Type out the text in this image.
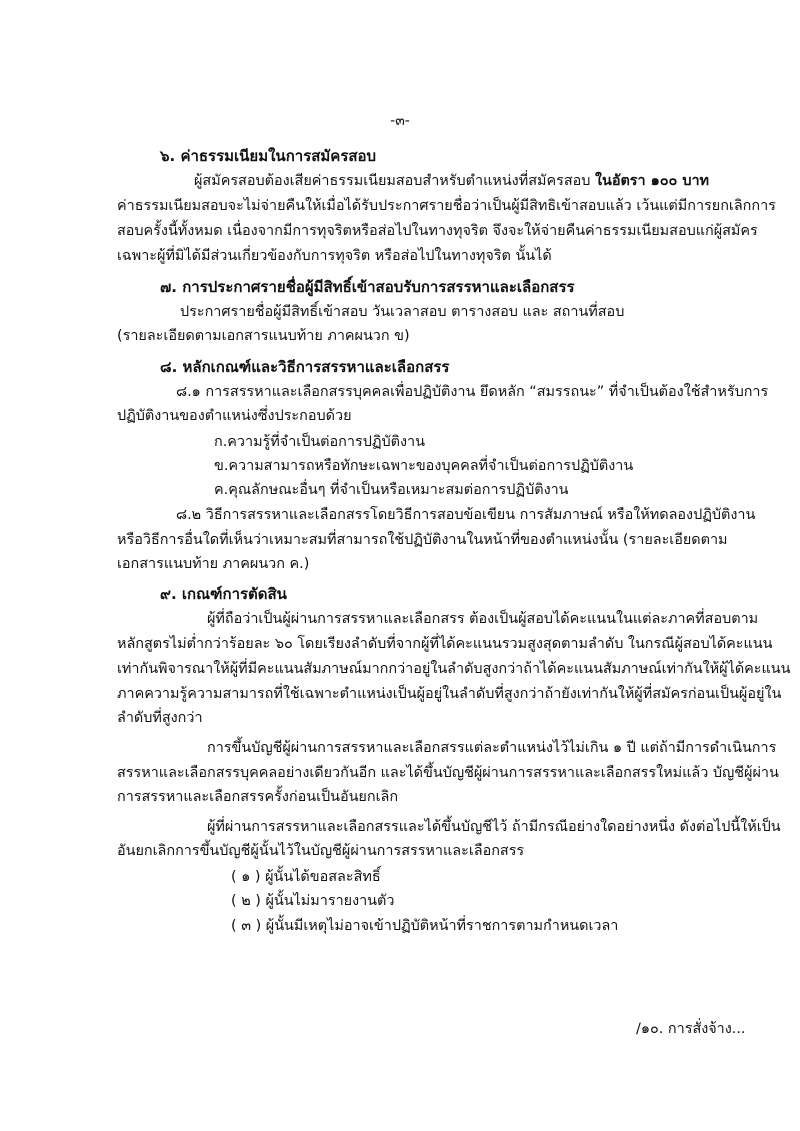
-๓-
๖. ค่าธรรมเนียมในการสมัครสอบ
ผู้สมัครสอบต้องเสียค่าธรรมเนียมสอบสำหรับตำแหน่งที่สมัครสอบ ในอัตรา ๑๐๐ บาท
ค่าธรรมเนียมสอบจะไม่จ่ายคืนให้เมื่อได้รับประกาศรายชื่อว่าเป็นผู้มีสิทธิเข้าสอบแล้ว เว้นแต่มีการยกเลิกการ
สอบครั้งนี้ทั้งหมด เนื่องจากมีการทุจริตหรือส่อไปในทางทุจริต จึงจะให้จ่ายคืนค่าธรรมเนียมสอบแก่ผู้สมัคร
เฉพาะผู้ที่มิได้มีส่วนเกี่ยวข้องกับการทุจริต หรือส่อไปในทางทุจริต นั้นได้
๗. การประกาศรายชื่อผู้มีสิทธิ์เข้าสอบรับการสรรหาและเลือกสรร
ประกาศรายชื่อผู้มีสิทธิ์เข้าสอบ วันเวลาสอบ ตารางสอบ และ สถานที่สอบ
(รายละเอียดตามเอกสารแนบท้าย ภาคผนวก ข)
๘. หลักเกณฑ์และวิธีการสรรหาและเลือกสรร
๘.๑ การสรรหาและเลือกสรรบุคคลเพื่อปฏิบัติงาน ยึดหลัก “สมรรถนะ” ที่จำเป็นต้องใช้สำหรับการ
ปฏิบัติงานของตำแหน่งซึ่งประกอบด้วย
ก.ความรู้ที่จำเป็นต่อการปฏิบัติงาน
ข.ความสามารถหรือทักษะเฉพาะของบุคคลที่จำเป็นต่อการปฏิบัติงาน
ค.คุณลักษณะอื่นๆ ที่จำเป็นหรือเหมาะสมต่อการปฏิบัติงาน
๘.๒ วิธีการสรรหาและเลือกสรรโดยวิธีการสอบข้อเขียน การสัมภาษณ์ หรือให้ทดลองปฏิบัติงาน
หรือวิธีการอื่นใดที่เห็นว่าเหมาะสมที่สามารถใช้ปฏิบัติงานในหน้าที่ของตำแหน่งนั้น (รายละเอียดตาม
เอกสารแนบท้าย ภาคผนวก ค.)
๙. เกณฑ์การตัดสิน
ผู้ที่ถือว่าเป็นผู้ผ่านการสรรหาและเลือกสรร ต้องเป็นผู้สอบได้คะแนนในแต่ละภาคที่สอบตาม
หลักสูตรไม่ต่ำกว่าร้อยละ ๖๐ โดยเรียงลำดับที่จากผู้ที่ได้คะแนนรวมสูงสุดตามลำดับ ในกรณีผู้สอบได้คะแนน
เท่ากันพิจารณาให้ผู้ที่มีคะแนนสัมภาษณ์มากกว่าอยู่ในลำดับสูงกว่าถ้าได้คะแนนสัมภาษณ์เท่ากันให้ผู้ได้คะแนน
ภาคความรู้ความสามารถที่ใช้เฉพาะตำแหน่งเป็นผู้อยู่ในลำดับที่สูงกว่าถ้ายังเท่ากันให้ผู้ที่สมัครก่อนเป็นผู้อยู่ใน
ลำดับที่สูงกว่า
การขึ้นบัญชีผู้ผ่านการสรรหาและเลือกสรรแต่ละตำแหน่งไว้ไม่เกิน ๑ ปี แต่ถ้ามีการดำเนินการ
สรรหาและเลือกสรรบุคคลอย่างเดียวกันอีก และได้ขึ้นบัญชีผู้ผ่านการสรรหาและเลือกสรรใหม่แล้ว บัญชีผู้ผ่าน
การสรรหาและเลือกสรรครั้งก่อนเป็นอันยกเลิก
ผู้ที่ผ่านการสรรหาและเลือกสรรและได้ขึ้นบัญชีไว้ ถ้ามีกรณีอย่างใดอย่างหนึ่ง ดังต่อไปนี้ให้เป็น
อันยกเลิกการขึ้นบัญชีผู้นั้นไว้ในบัญชีผู้ผ่านการสรรหาและเลือกสรร
( ๑ ) ผู้นั้นได้ขอสละสิทธิ์
( ๒ ) ผู้นั้นไม่มารายงานตัว
( ๓ ) ผู้นั้นมีเหตุไม่อาจเข้าปฏิบัติหน้าที่ราชการตามกำหนดเวลา
/๑๐. การสั่งจ้าง...
